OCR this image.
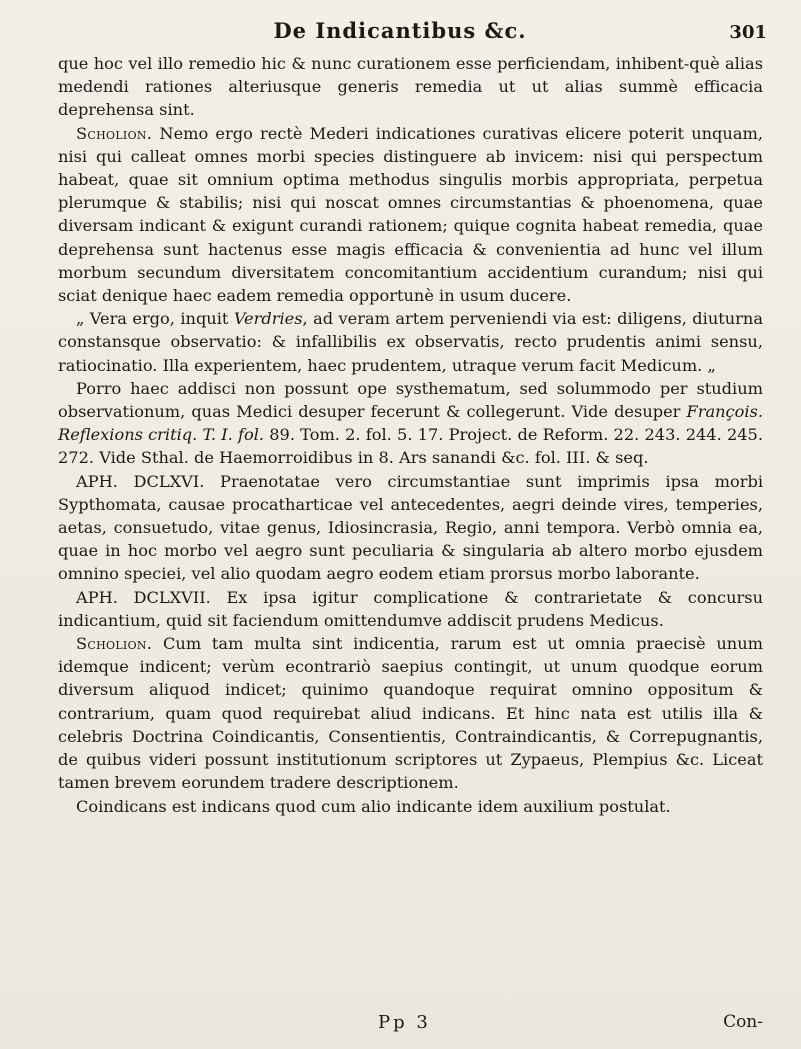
De Indicantibus &c.	301

que hoc vel illo remedio hic & nunc curationem esse perficiendam, inhibent-què alias medendi rationes alteriusque generis remedia ut ut alias summè efficacia deprehensa sint.

Scholion. Nemo ergo rectè Mederi indicationes curativas elicere poterit unquam, nisi qui calleat omnes morbi species distinguere ab invicem: nisi qui perspectum habeat, quae sit omnium optima methodus singulis morbis appropriata, perpetua plerumque & stabilis; nisi qui noscat omnes circumstantias & phoenomena, quae diversam indicant & exigunt curandi rationem; quique cognita habeat remedia, quae deprehensa sunt hactenus esse magis efficacia & convenientia ad hunc vel illum morbum secundum diversitatem concomitantium accidentium curandum; nisi qui sciat denique haec eadem remedia opportunè in usum ducere.

„ Vera ergo, inquit Verdries, ad veram artem perveniendi via est: diligens, diuturna constansque observatio: & infallibilis ex observatis, recto prudentis animi sensu, ratiocinatio. Illa experientem, haec prudentem, utraque verum facit Medicum. „

Porro haec addisci non possunt ope systhematum, sed solummodo per studium observationum, quas Medici desuper fecerunt & collegerunt. Vide desuper François. Reflexions critiq. T. I. fol. 89. Tom. 2. fol. 5. 17. Project. de Reform. 22. 243. 244. 245. 272. Vide Sthal. de Haemorroidibus in 8. Ars sanandi &c. fol. III. & seq.

APH. DCLXVI. Praenotatae vero circumstantiae sunt imprimis ipsa morbi Sypthomata, causae procatharticae vel antecedentes, aegri deinde vires, temperies, aetas, consuetudo, vitae genus, Idiosincrasia, Regio, anni tempora. Verbò omnia ea, quae in hoc morbo vel aegro sunt peculiaria & singularia ab altero morbo ejusdem omnino speciei, vel alio quodam aegro eodem etiam prorsus morbo laborante.

APH. DCLXVII. Ex ipsa igitur complicatione & contrarietate & concursu indicantium, quid sit faciendum omittendumve addiscit prudens Medicus.

Scholion. Cum tam multa sint indicentia, rarum est ut omnia praecisè unum idemque indicent; verùm econtrariò saepius contingit, ut unum quodque eorum diversum aliquod indicet; quinimo quandoque requirat omnino oppositum & contrarium, quam quod requirebat aliud indicans. Et hinc nata est utilis illa & celebris Doctrina Coindicantis, Consentientis, Contraindicantis, & Correpugnantis, de quibus videri possunt institutionum scriptores ut Zypaeus, Plempius &c. Liceat tamen brevem eorundem tradere descriptionem.

Coindicans est indicans quod cum alio indicante idem auxilium postulat.

Pp 3	Con-
